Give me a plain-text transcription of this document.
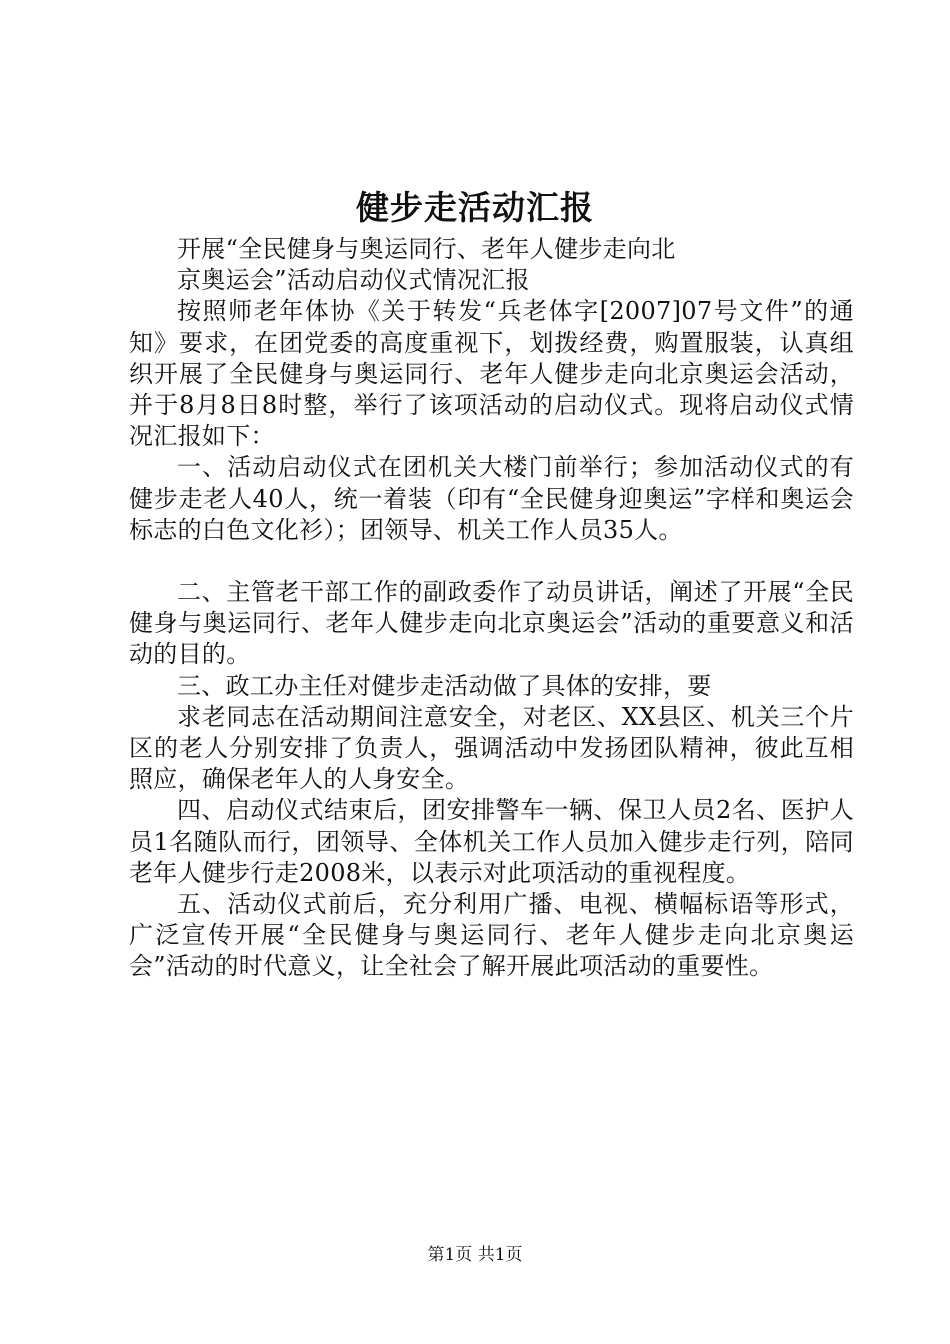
健步走活动汇报

开展“全民健身与奥运同行、老年人健步走向北

京奥运会”活动启动仪式情况汇报

按照师老年体协《关于转发“兵老体字[2007]07号文件”的通知》要求，在团党委的高度重视下，划拨经费，购置服装，认真组织开展了全民健身与奥运同行、老年人健步走向北京奥运会活动，并于8月8日8时整，举行了该项活动的启动仪式。现将启动仪式情况汇报如下：

一、活动启动仪式在团机关大楼门前举行；参加活动仪式的有健步走老人40人，统一着装（印有“全民健身迎奥运”字样和奥运会标志的白色文化衫）；团领导、机关工作人员35人。

二、主管老干部工作的副政委作了动员讲话，阐述了开展“全民健身与奥运同行、老年人健步走向北京奥运会”活动的重要意义和活动的目的。

三、政工办主任对健步走活动做了具体的安排，要

求老同志在活动期间注意安全，对老区、XX县区、机关三个片区的老人分别安排了负责人，强调活动中发扬团队精神，彼此互相照应，确保老年人的人身安全。

四、启动仪式结束后，团安排警车一辆、保卫人员2名、医护人员1名随队而行，团领导、全体机关工作人员加入健步走行列，陪同老年人健步行走2008米，以表示对此项活动的重视程度。

五、活动仪式前后，充分利用广播、电视、横幅标语等形式，广泛宣传开展“全民健身与奥运同行、老年人健步走向北京奥运会”活动的时代意义，让全社会了解开展此项活动的重要性。

第1页 共1页
